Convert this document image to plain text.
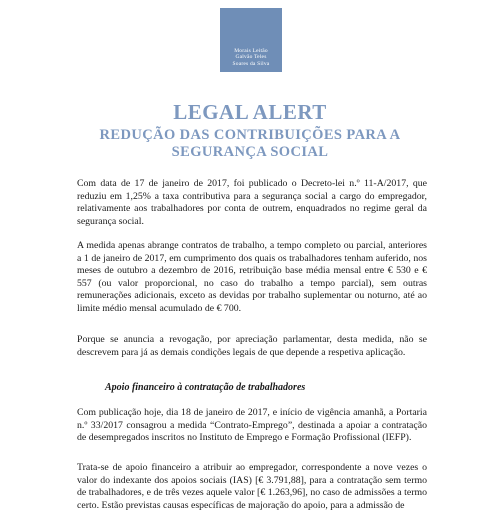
Morais Leitão
Galvão Teles
Soares da Silva
LEGAL ALERT
REDUÇÃO DAS CONTRIBUIÇÕES PARA A
SEGURANÇA SOCIAL

Com data de 17 de janeiro de 2017, foi publicado o Decreto-lei n.º 11-A/2017, que reduziu em 1,25% a taxa contributiva para a segurança social a cargo do empregador, relativamente aos trabalhadores por conta de outrem, enquadrados no regime geral da segurança social.

A medida apenas abrange contratos de trabalho, a tempo completo ou parcial, anteriores a 1 de janeiro de 2017, em cumprimento dos quais os trabalhadores tenham auferido, nos meses de outubro a dezembro de 2016, retribuição base média mensal entre € 530 e € 557 (ou valor proporcional, no caso do trabalho a tempo parcial), sem outras remunerações adicionais, exceto as devidas por trabalho suplementar ou noturno, até ao limite médio mensal acumulado de € 700.

Porque se anuncia a revogação, por apreciação parlamentar, desta medida, não se descrevem para já as demais condições legais de que depende a respetiva aplicação.

Apoio financeiro à contratação de trabalhadores

Com publicação hoje, dia 18 de janeiro de 2017, e início de vigência amanhã, a Portaria n.º 33/2017 consagrou a medida “Contrato-Emprego”, destinada a apoiar a contratação de desempregados inscritos no Instituto de Emprego e Formação Profissional (IEFP).

Trata-se de apoio financeiro a atribuir ao empregador, correspondente a nove vezes o valor do indexante dos apoios sociais (IAS) [€ 3.791,88], para a contratação sem termo de trabalhadores, e de três vezes aquele valor [€ 1.263,96], no caso de admissões a termo certo. Estão previstas causas específicas de majoração do apoio, para a admissão de
